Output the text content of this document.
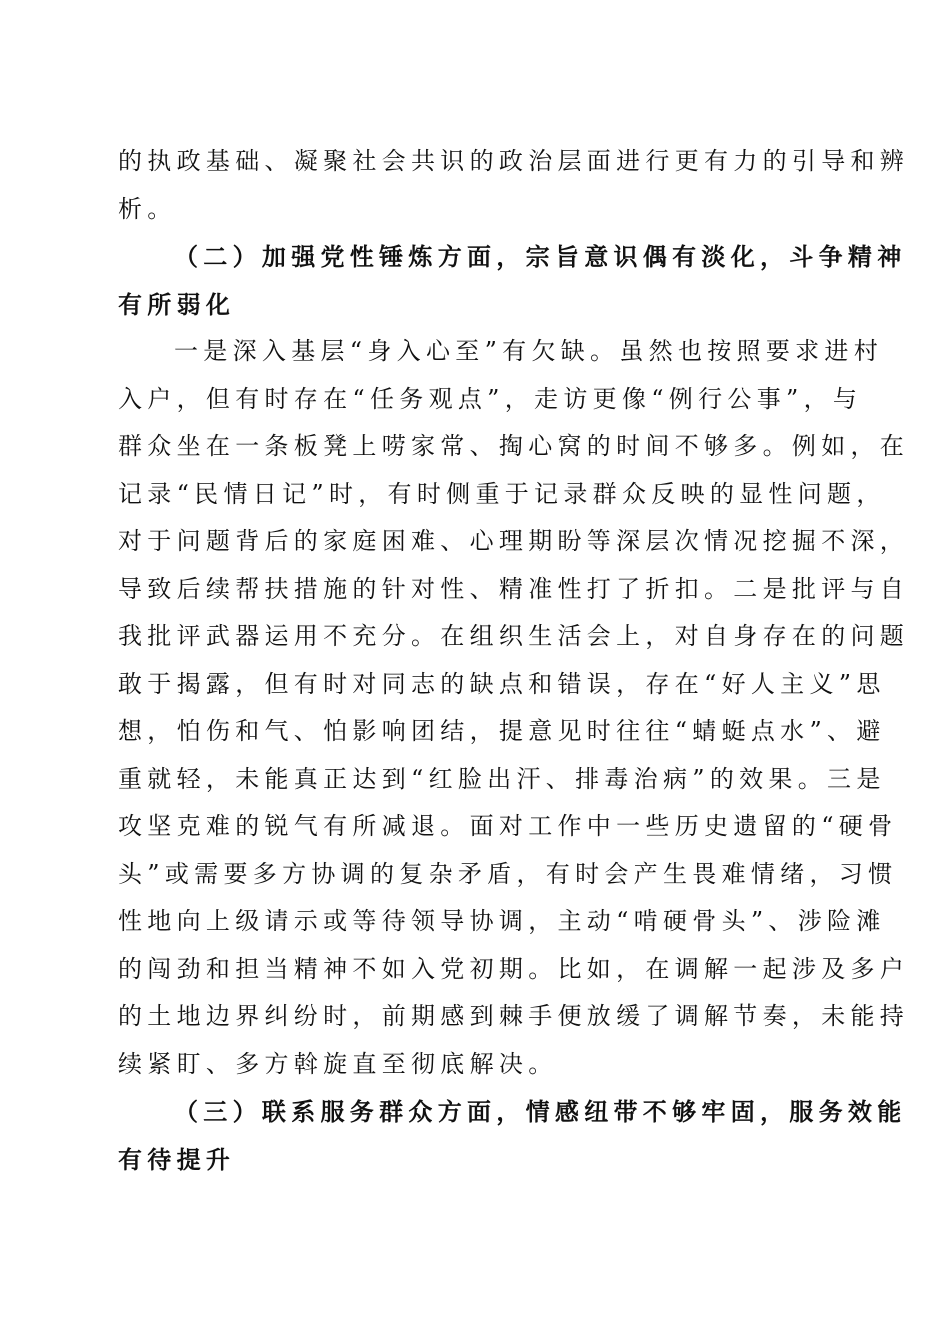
的执政基础、凝聚社会共识的政治层面进行更有力的引导和辨
析。
（二）加强党性锤炼方面，宗旨意识偶有淡化，斗争精神
有所弱化
一是深入基层“身入心至”有欠缺。虽然也按照要求进村
入户，但有时存在“任务观点”，走访更像“例行公事”，与
群众坐在一条板凳上唠家常、掏心窝的时间不够多。例如，在
记录“民情日记”时，有时侧重于记录群众反映的显性问题，
对于问题背后的家庭困难、心理期盼等深层次情况挖掘不深，
导致后续帮扶措施的针对性、精准性打了折扣。二是批评与自
我批评武器运用不充分。在组织生活会上，对自身存在的问题
敢于揭露，但有时对同志的缺点和错误，存在“好人主义”思
想，怕伤和气、怕影响团结，提意见时往往“蜻蜓点水”、避
重就轻，未能真正达到“红脸出汗、排毒治病”的效果。三是
攻坚克难的锐气有所减退。面对工作中一些历史遗留的“硬骨
头”或需要多方协调的复杂矛盾，有时会产生畏难情绪，习惯
性地向上级请示或等待领导协调，主动“啃硬骨头”、涉险滩
的闯劲和担当精神不如入党初期。比如，在调解一起涉及多户
的土地边界纠纷时，前期感到棘手便放缓了调解节奏，未能持
续紧盯、多方斡旋直至彻底解决。
（三）联系服务群众方面，情感纽带不够牢固，服务效能
有待提升
